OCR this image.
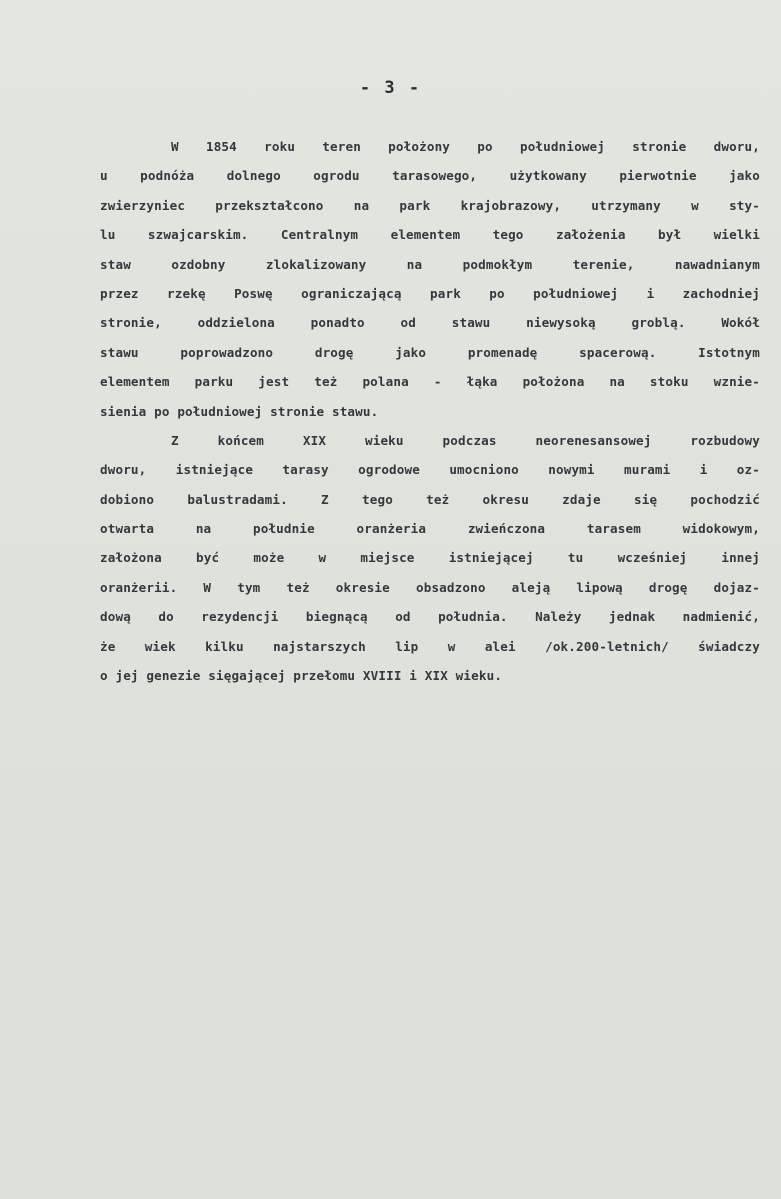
- 3 -
W 1854 roku teren położony po południowej stronie dworu,
u podnóża dolnego ogrodu tarasowego, użytkowany pierwotnie jako
zwierzyniec przekształcono na park krajobrazowy, utrzymany w sty-
lu szwajcarskim. Centralnym elementem tego założenia był wielki
staw ozdobny zlokalizowany na podmokłym terenie, nawadnianym
przez rzekę Poswę ograniczającą park po południowej i zachodniej
stronie, oddzielona ponadto od stawu niewysoką groblą. Wokół
stawu poprowadzono drogę jako promenadę spacerową. Istotnym
elementem parku jest też polana - łąka położona na stoku wznie-
sienia po południowej stronie stawu.
Z końcem XIX wieku podczas neorenesansowej rozbudowy
dworu, istniejące tarasy ogrodowe umocniono nowymi murami i oz-
dobiono balustradami. Z tego też okresu zdaje się pochodzić
otwarta na południe oranżeria zwieńczona tarasem widokowym,
założona być może w miejsce istniejącej tu wcześniej innej
oranżerii. W tym też okresie obsadzono aleją lipową drogę dojaz-
dową do rezydencji biegnącą od południa. Należy jednak nadmienić,
że wiek kilku najstarszych lip w alei /ok.200-letnich/ świadczy
o jej genezie sięgającej przełomu XVIII i XIX wieku.
